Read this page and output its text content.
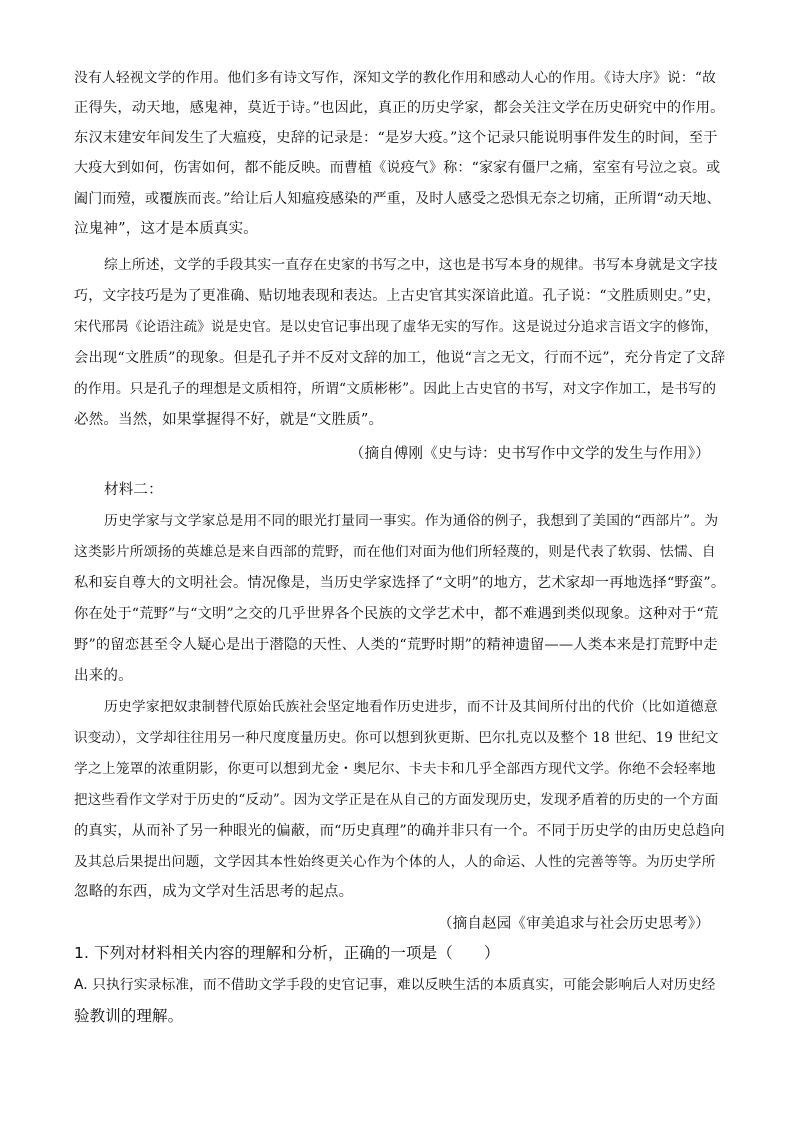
没有人轻视文学的作用。他们多有诗文写作，深知文学的教化作用和感动人心的作用。《诗大序》说：“故
正得失，动天地，感鬼神，莫近于诗。”也因此，真正的历史学家，都会关注文学在历史研究中的作用。
东汉末建安年间发生了大瘟疫，史辞的记录是：“是岁大疫。”这个记录只能说明事件发生的时间，至于
大疫大到如何，伤害如何，都不能反映。而曹植《说疫气》称：“家家有僵尸之痛，室室有号泣之哀。或
阖门而殪，或覆族而丧。”给让后人知瘟疫感染的严重，及时人感受之恐惧无奈之切痛，正所谓“动天地、
泣鬼神”，这才是本质真实。
综上所述，文学的手段其实一直存在史家的书写之中，这也是书写本身的规律。书写本身就是文字技
巧，文字技巧是为了更准确、贴切地表现和表达。上古史官其实深谙此道。孔子说：“文胜质则史。”史，
宋代邢昺《论语注疏》说是史官。是以史官记事出现了虚华无实的写作。这是说过分追求言语文字的修饰，
会出现“文胜质”的现象。但是孔子并不反对文辞的加工，他说“言之无文，行而不远”，充分肯定了文辞
的作用。只是孔子的理想是文质相符，所谓“文质彬彬”。因此上古史官的书写，对文字作加工，是书写的
必然。当然，如果掌握得不好，就是“文胜质”。
（摘自傅刚《史与诗：史书写作中文学的发生与作用》）
材料二：
历史学家与文学家总是用不同的眼光打量同一事实。作为通俗的例子，我想到了美国的“西部片”。为
这类影片所颂扬的英雄总是来自西部的荒野，而在他们对面为他们所轻蔑的，则是代表了软弱、怯懦、自
私和妄自尊大的文明社会。情况像是，当历史学家选择了“文明”的地方，艺术家却一再地选择“野蛮”。
你在处于“荒野”与“文明”之交的几乎世界各个民族的文学艺术中，都不难遇到类似现象。这种对于“荒
野”的留恋甚至令人疑心是出于潜隐的天性、人类的“荒野时期”的精神遗留——人类本来是打荒野中走
出来的。
历史学家把奴隶制替代原始氏族社会坚定地看作历史进步，而不计及其间所付出的代价（比如道德意
识变动），文学却往往用另一种尺度度量历史。你可以想到狄更斯、巴尔扎克以及整个 18 世纪、19 世纪文
学之上笼罩的浓重阴影，你更可以想到尤金・奥尼尔、卡夫卡和几乎全部西方现代文学。你绝不会轻率地
把这些看作文学对于历史的“反动”。因为文学正是在从自己的方面发现历史，发现矛盾着的历史的一个方面
的真实，从而补了另一种眼光的偏蔽，而“历史真理”的确并非只有一个。不同于历史学的由历史总趋向
及其总后果提出问题，文学因其本性始终更关心作为个体的人，人的命运、人性的完善等等。为历史学所
忽略的东西，成为文学对生活思考的起点。
（摘自赵园《审美追求与社会历史思考》）
1. 下列对材料相关内容的理解和分析，正确的一项是（　　）
A. 只执行实录标准，而不借助文学手段的史官记事，难以反映生活的本质真实，可能会影响后人对历史经
验教训的理解。
